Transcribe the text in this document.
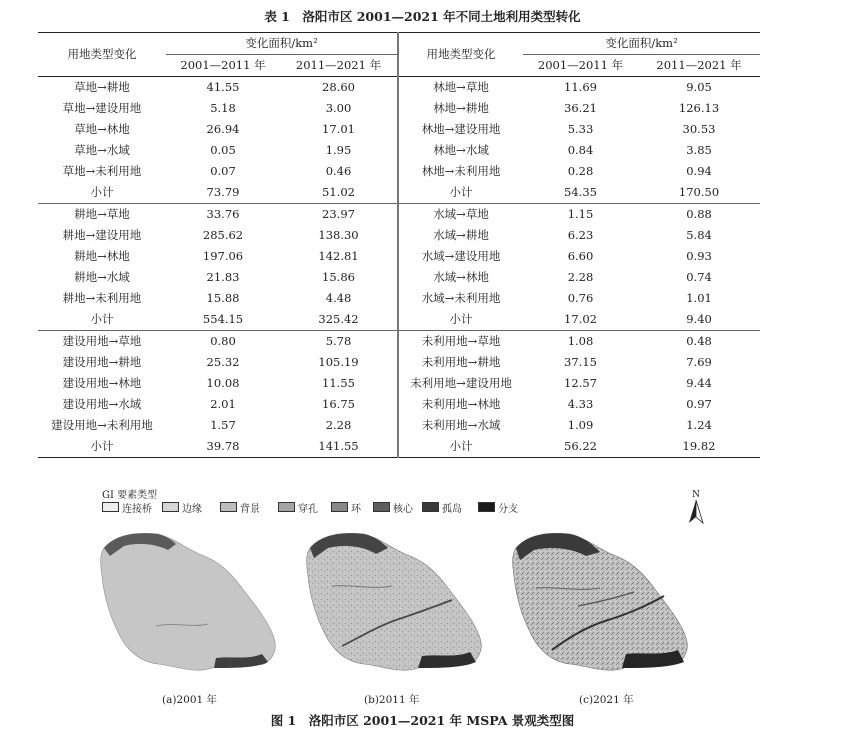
表 1　洛阳市区 2001—2021 年不同土地利用类型转化
用地类型变化	变化面积/km²		用地类型变化	变化面积/km²	
	2001—2011 年	2011—2021 年		2001—2011 年	2011—2021 年
草地→耕地	41.55	28.60	林地→草地	11.69	9.05
草地→建设用地	5.18	3.00	林地→耕地	36.21	126.13
草地→林地	26.94	17.01	林地→建设用地	5.33	30.53
草地→水域	0.05	1.95	林地→水域	0.84	3.85
草地→未利用地	0.07	0.46	林地→未利用地	0.28	0.94
小计	73.79	51.02	小计	54.35	170.50
耕地→草地	33.76	23.97	水域→草地	1.15	0.88
耕地→建设用地	285.62	138.30	水域→耕地	6.23	5.84
耕地→林地	197.06	142.81	水域→建设用地	6.60	0.93
耕地→水域	21.83	15.86	水域→林地	2.28	0.74
耕地→未利用地	15.88	4.48	水域→未利用地	0.76	1.01
小计	554.15	325.42	小计	17.02	9.40
建设用地→草地	0.80	5.78	未利用地→草地	1.08	0.48
建设用地→耕地	25.32	105.19	未利用地→耕地	37.15	7.69
建设用地→林地	10.08	11.55	未利用地→建设用地	12.57	9.44
建设用地→水域	2.01	16.75	未利用地→林地	4.33	0.97
建设用地→未利用地	1.57	2.28	未利用地→水域	1.09	1.24
小计	39.78	141.55	小计	56.22	19.82
GI 要素类型
连接桥	边缘	背景	穿孔	环	核心	孤岛	分支
N
(a)2001 年	(b)2011 年	(c)2021 年
图 1　洛阳市区 2001—2021 年 MSPA 景观类型图
